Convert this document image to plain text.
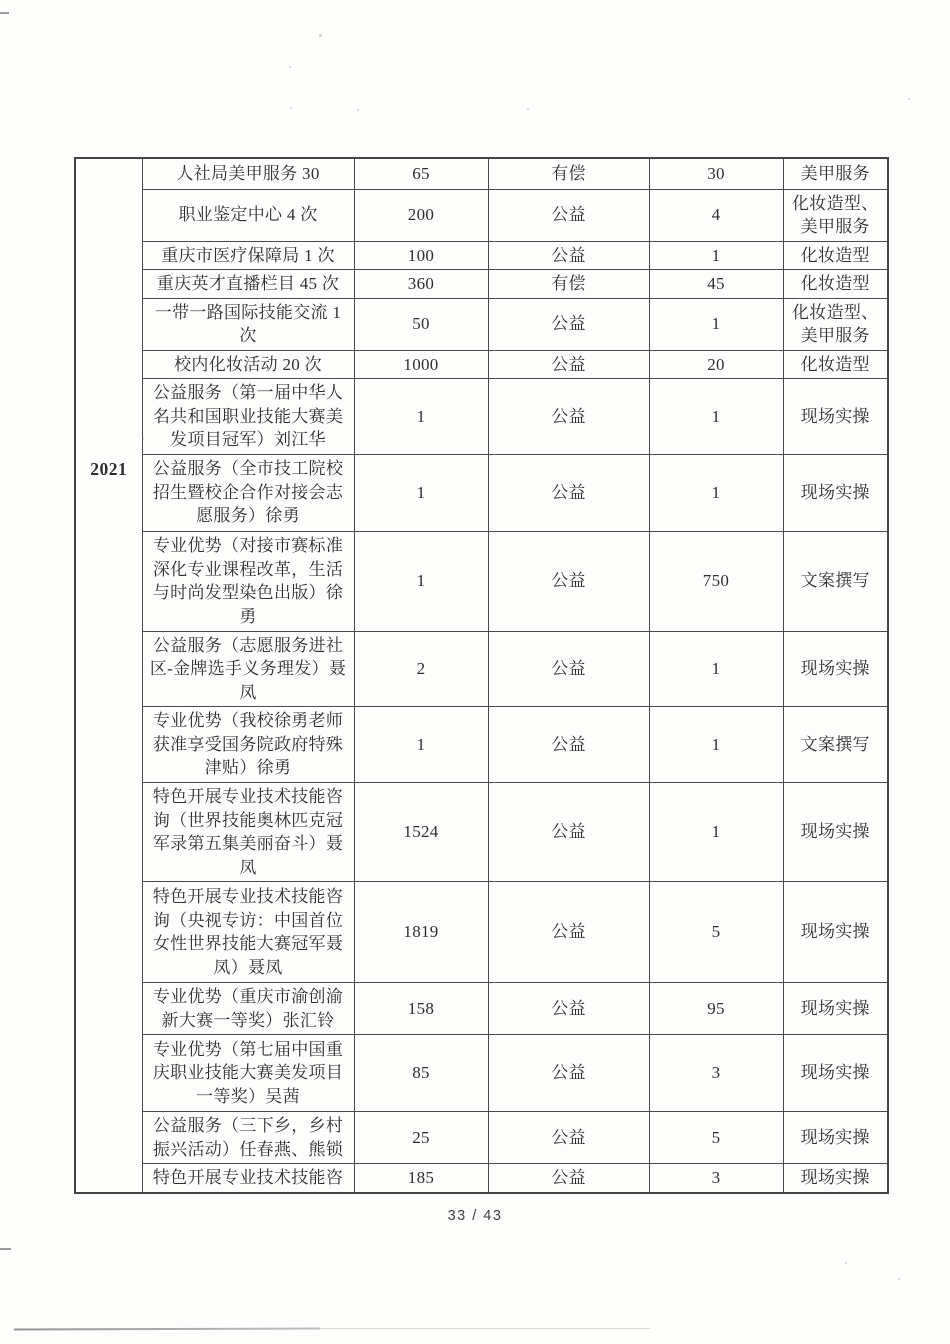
2021	人社局美甲服务 30	65	有偿	30	美甲服务
	职业鉴定中心 4 次	200	公益	4	化妆造型、美甲服务
	重庆市医疗保障局 1 次	100	公益	1	化妆造型
	重庆英才直播栏目 45 次	360	有偿	45	化妆造型
	一带一路国际技能交流 1 次	50	公益	1	化妆造型、美甲服务
	校内化妆活动 20 次	1000	公益	20	化妆造型
	公益服务（第一届中华人名共和国职业技能大赛美发项目冠军）刘江华	1	公益	1	现场实操
	公益服务（全市技工院校招生暨校企合作对接会志愿服务）徐勇	1	公益	1	现场实操
	专业优势（对接市赛标准深化专业课程改革，生活与时尚发型染色出版）徐勇	1	公益	750	文案撰写
	公益服务（志愿服务进社区-金牌选手义务理发）聂凤	2	公益	1	现场实操
	专业优势（我校徐勇老师获准享受国务院政府特殊津贴）徐勇	1	公益	1	文案撰写
	特色开展专业技术技能咨询（世界技能奥林匹克冠军录第五集美丽奋斗）聂凤	1524	公益	1	现场实操
	特色开展专业技术技能咨询（央视专访：中国首位女性世界技能大赛冠军聂凤）聂凤	1819	公益	5	现场实操
	专业优势（重庆市渝创渝新大赛一等奖）张汇铃	158	公益	95	现场实操
	专业优势（第七届中国重庆职业技能大赛美发项目一等奖）吴茜	85	公益	3	现场实操
	公益服务（三下乡，乡村振兴活动）任春燕、熊锁	25	公益	5	现场实操
	特色开展专业技术技能咨	185	公益	3	现场实操
33 / 43
